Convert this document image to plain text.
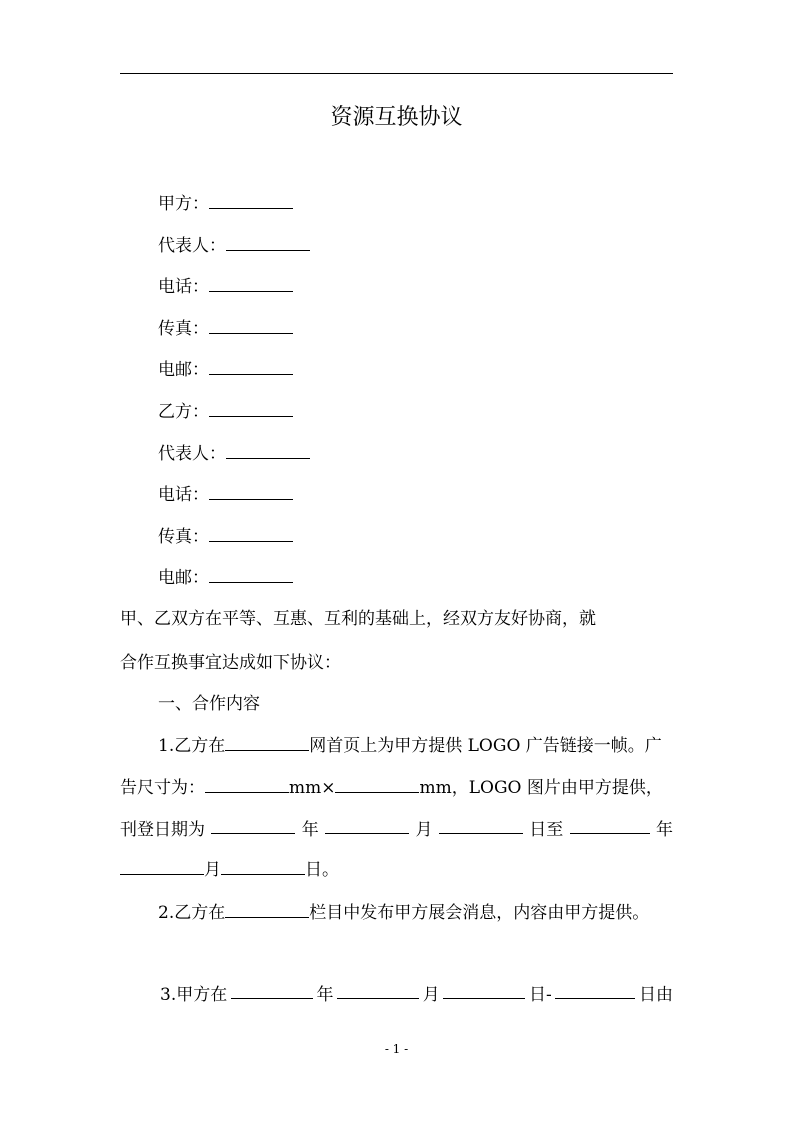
资源互换协议
甲方：
代表人：
电话：
传真：
电邮：
乙方：
代表人：
电话：
传真：
电邮：
甲、乙双方在平等、互惠、互利的基础上，经双方友好协商，就
合作互换事宜达成如下协议：
一、合作内容
1.乙方在	网首页上为甲方提供 LOGO 广告链接一帧。广
告尺寸为：	mm×	mm，LOGO 图片由甲方提供，
刊登日期为	年	月	日至	年
月	日。
2.乙方在	栏目中发布甲方展会消息，内容由甲方提供。
3.甲方在	年	月	日-	日由
- 1 -
